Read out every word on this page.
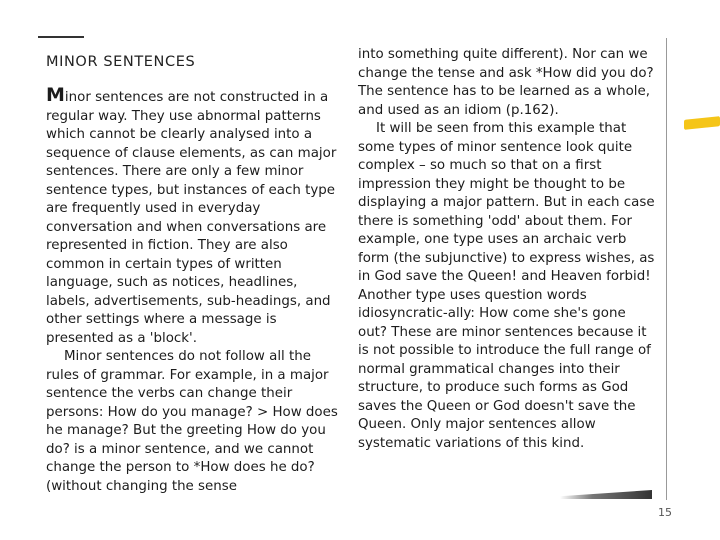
MINOR SENTENCES

Minor sentences are not constructed in a regular way. They use abnormal patterns which cannot be clearly analysed into a sequence of clause elements, as can major sentences. There are only a few minor sentence types, but instances of each type are frequently used in everyday conversation and when conversations are represented in fiction. They are also common in certain types of written language, such as notices, headlines, labels, advertisements, sub-headings, and other settings where a message is presented as a 'block'.

Minor sentences do not follow all the rules of grammar. For example, in a major sentence the verbs can change their persons: How do you manage? > How does he manage? But the greeting How do you do? is a minor sentence, and we cannot change the person to *How does he do? (without changing the sense

into something quite different). Nor can we change the tense and ask *How did you do? The sentence has to be learned as a whole, and used as an idiom (p.162).

It will be seen from this example that some types of minor sentence look quite complex – so much so that on a first impression they might be thought to be displaying a major pattern. But in each case there is something 'odd' about them. For example, one type uses an archaic verb form (the subjunctive) to express wishes, as in God save the Queen! and Heaven forbid! Another type uses question words idiosyncratic-ally: How come she's gone out? These are minor sentences because it is not possible to introduce the full range of normal grammatical changes into their structure, to produce such forms as God saves the Queen or God doesn't save the Queen. Only major sentences allow systematic variations of this kind.

15
